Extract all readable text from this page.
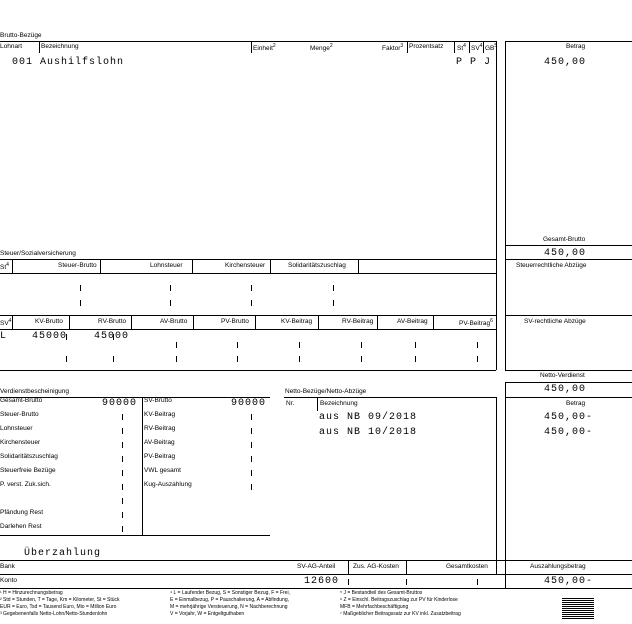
Brutto-Bezüge
Lohnart	Bezeichnung	Einheit$^2$	Menge$^2$	Faktor$^3$ Prozentsatz St$^4$ $SV^4$ GB	Betrag
001 Aushilfslohn	P P J	450,00
Gesamt-Brutto
450,00
Steuer/Sozialversicherung
St$^4$	Steuer-Brutto	Lohnsteuer	Kirchensteuer	Solidaritätszuschlag	Steuerrechtliche Abzüge
$SV^4$	KV-Brutto	RV-Brutto	AV-Brutto	PV-Brutto	KV-Beitrag	RV-Beitrag	AV-Beitrag	PV-Beitrag$^6$	SV-rechtliche Abzüge
L 45000	45000
Netto-Verdienst
450,00
Verdienstbescheinigung
Gesamt-Brutto	90000
Steuer-Brutto
Lohnsteuer
Kirchensteuer
Solidaritätszuschlag
Steuerfreie Bezüge
P. verst. Zuk.sich.
Pfändung Rest
Darlehen Rest
SV-Brutto	90000
KV-Beitrag
RV-Beitrag
AV-Beitrag
PV-Beitrag
VWL gesamt
Kug-Auszahlung
Netto-Bezüge/Netto-Abzüge
Nr.	Bezeichnung	Betrag
aus NB 09/2018	450,00-
aus NB 10/2018	450,00-
Überzahlung
Bank	SV-AG-Anteil	Zus. AG-Kosten	Gesamtkosten	Auszahlungsbetrag
Konto	12600	450,00-
¹ H = Hinzurechnungsbetrag
² Std = Stunden, T = Tage, Km = Kilometer, St = Stück
EUR = Euro, Tsd = Tausend Euro, Mio = Million Euro
³ Gegebenenfalls Netto-Lohn/Netto-Stundenlohn
⁴ L = Laufender Bezug, S = Sonstiger Bezug, F = Frei,
E = Einmalbezug, P = Pauschalierung, A = Abfindung,
M = mehrjährige Versteuerung, N = Nachberechnung
V = Vorjahr, W = Entgeltguthaben
⁵ J = Bestandteil des Gesamt-Bruttos
⁶ Z = Einschl. Beitragszuschlag zur PV für Kinderlose
MFB = Mehrfachbeschäftigung
⁷ Maßgeblicher Beitragssatz zur KV inkl. Zusatzbeitrag
